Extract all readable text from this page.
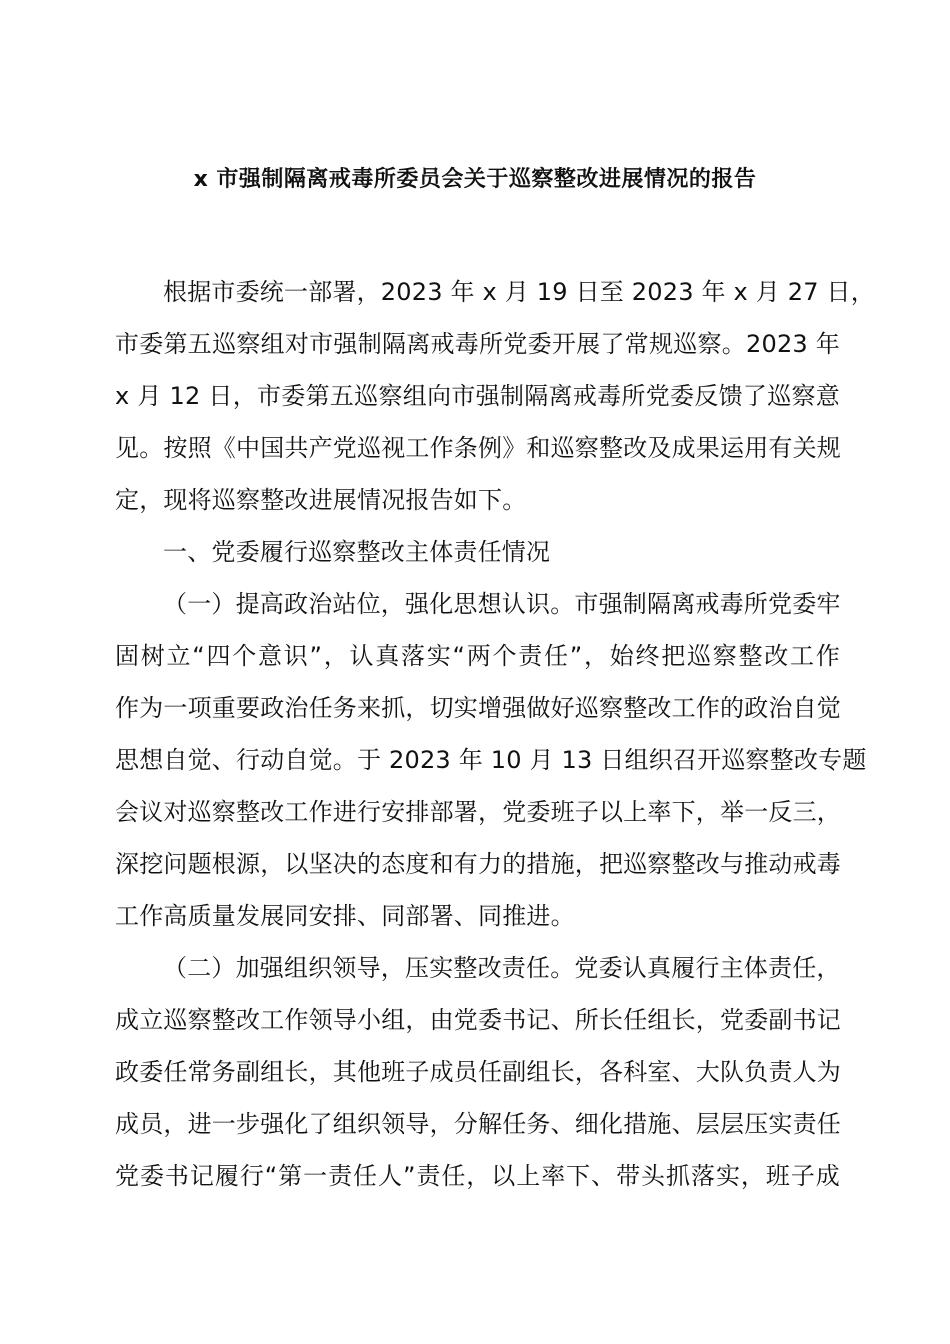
x 市强制隔离戒毒所委员会关于巡察整改进展情况的报告
根据市委统一部署，2023 年 x 月 19 日至 2023 年 x 月 27 日，
市委第五巡察组对市强制隔离戒毒所党委开展了常规巡察。2023 年
x 月 12 日，市委第五巡察组向市强制隔离戒毒所党委反馈了巡察意
见。按照《中国共产党巡视工作条例》和巡察整改及成果运用有关规
定，现将巡察整改进展情况报告如下。
一、党委履行巡察整改主体责任情况
（一）提高政治站位，强化思想认识。市强制隔离戒毒所党委牢
固树立“四个意识”，认真落实“两个责任”，始终把巡察整改工作
作为一项重要政治任务来抓，切实增强做好巡察整改工作的政治自觉
思想自觉、行动自觉。于 2023 年 10 月 13 日组织召开巡察整改专题
会议对巡察整改工作进行安排部署，党委班子以上率下，举一反三，
深挖问题根源，以坚决的态度和有力的措施，把巡察整改与推动戒毒
工作高质量发展同安排、同部署、同推进。
（二）加强组织领导，压实整改责任。党委认真履行主体责任，
成立巡察整改工作领导小组，由党委书记、所长任组长，党委副书记
政委任常务副组长，其他班子成员任副组长，各科室、大队负责人为
成员，进一步强化了组织领导，分解任务、细化措施、层层压实责任
党委书记履行“第一责任人”责任，以上率下、带头抓落实，班子成
